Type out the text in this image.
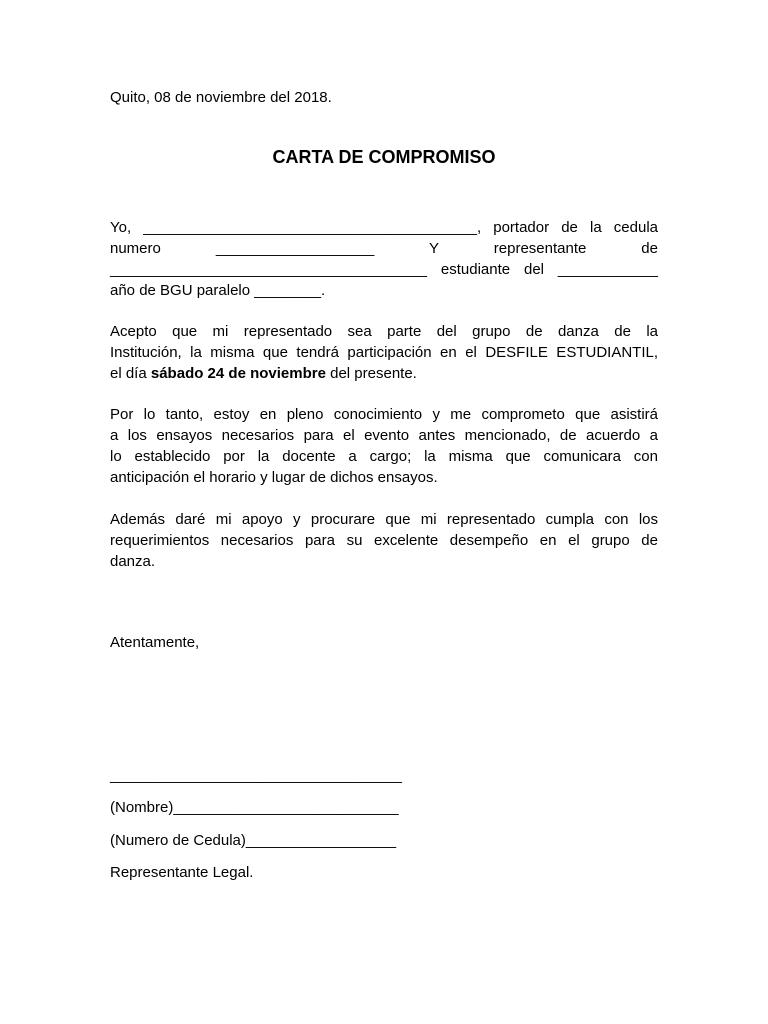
Quito, 08 de noviembre del 2018.
CARTA DE COMPROMISO
Yo, ________________________________________, portador de la cedula
numero ___________________ Y representante de
______________________________________ estudiante del ____________
año de BGU paralelo ________.
Acepto que mi representado sea parte del grupo de danza de la
Institución, la misma que tendrá participación en el DESFILE ESTUDIANTIL,
el día sábado 24 de noviembre del presente.
Por lo tanto, estoy en pleno conocimiento y me comprometo que asistirá
a los ensayos necesarios para el evento antes mencionado, de acuerdo a
lo establecido por la docente a cargo; la misma que comunicara con
anticipación el horario y lugar de dichos ensayos.
Además daré mi apoyo y procurare que mi representado cumpla con los
requerimientos necesarios para su excelente desempeño en el grupo de
danza.
Atentamente,
___________________________________
(Nombre)___________________________
(Numero de Cedula)__________________
Representante Legal.
